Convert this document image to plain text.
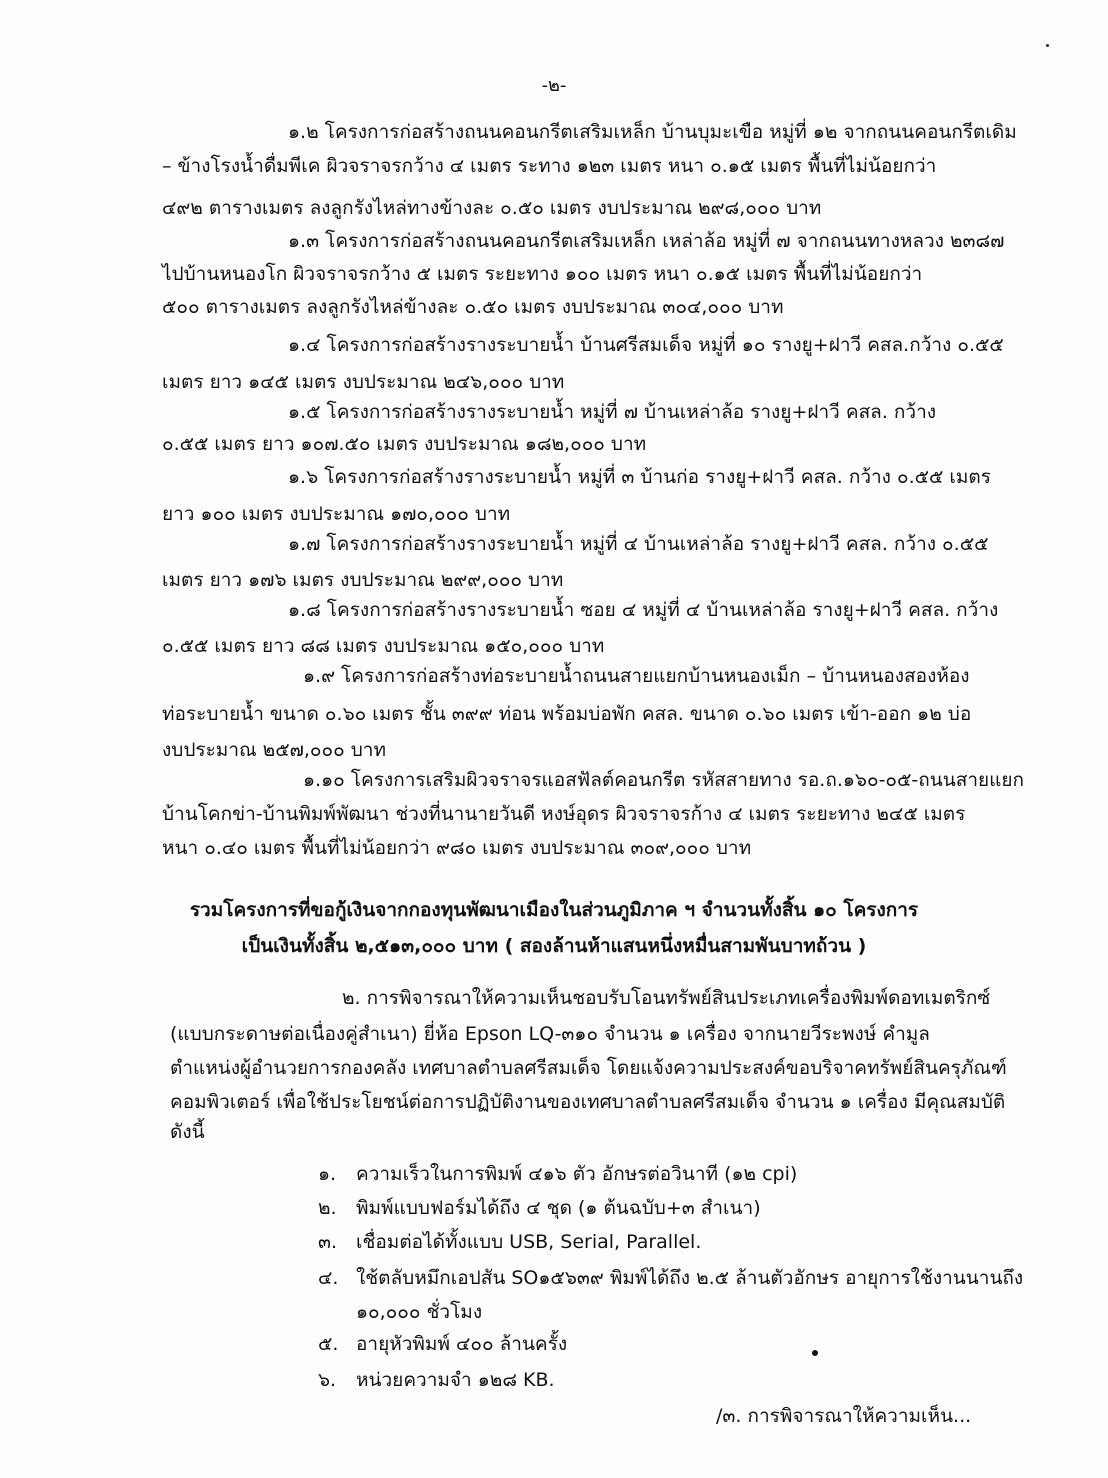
-๒-
๑.๒ โครงการก่อสร้างถนนคอนกรีตเสริมเหล็ก บ้านบุมะเขือ หมู่ที่ ๑๒ จากถนนคอนกรีตเดิม
– ข้างโรงน้ำดื่มพีเค ผิวจราจรกว้าง ๔ เมตร ระทาง ๑๒๓ เมตร หนา ๐.๑๕ เมตร พื้นที่ไม่น้อยกว่า
๔๙๒ ตารางเมตร ลงลูกรังไหล่ทางข้างละ ๐.๕๐ เมตร งบประมาณ ๒๙๘,๐๐๐ บาท
๑.๓ โครงการก่อสร้างถนนคอนกรีตเสริมเหล็ก เหล่าล้อ หมู่ที่ ๗ จากถนนทางหลวง ๒๓๘๗
ไปบ้านหนองโก ผิวจราจรกว้าง ๕ เมตร ระยะทาง ๑๐๐ เมตร หนา ๐.๑๕ เมตร พื้นที่ไม่น้อยกว่า
๕๐๐ ตารางเมตร ลงลูกรังไหล่ข้างละ ๐.๕๐ เมตร งบประมาณ ๓๐๔,๐๐๐ บาท
๑.๔ โครงการก่อสร้างรางระบายน้ำ บ้านศรีสมเด็จ หมู่ที่ ๑๐ รางยู+ฝาวี คสล.กว้าง ๐.๕๕
เมตร ยาว ๑๔๕ เมตร งบประมาณ ๒๔๖,๐๐๐ บาท
๑.๕ โครงการก่อสร้างรางระบายน้ำ หมู่ที่ ๗ บ้านเหล่าล้อ รางยู+ฝาวี คสล. กว้าง
๐.๕๕ เมตร ยาว ๑๐๗.๕๐ เมตร งบประมาณ ๑๘๒,๐๐๐ บาท
๑.๖ โครงการก่อสร้างรางระบายน้ำ หมู่ที่ ๓ บ้านก่อ รางยู+ฝาวี คสล. กว้าง ๐.๕๕ เมตร
ยาว ๑๐๐ เมตร งบประมาณ ๑๗๐,๐๐๐ บาท
๑.๗ โครงการก่อสร้างรางระบายน้ำ หมู่ที่ ๔ บ้านเหล่าล้อ รางยู+ฝาวี คสล. กว้าง ๐.๕๕
เมตร ยาว ๑๗๖ เมตร งบประมาณ ๒๙๙,๐๐๐ บาท
๑.๘ โครงการก่อสร้างรางระบายน้ำ ซอย ๔ หมู่ที่ ๔ บ้านเหล่าล้อ รางยู+ฝาวี คสล. กว้าง
๐.๕๕ เมตร ยาว ๘๘ เมตร งบประมาณ ๑๕๐,๐๐๐ บาท
๑.๙ โครงการก่อสร้างท่อระบายน้ำถนนสายแยกบ้านหนองเม็ก – บ้านหนองสองห้อง
ท่อระบายน้ำ ขนาด ๐.๖๐ เมตร ชั้น ๓๙๙ ท่อน พร้อมบ่อพัก คสล. ขนาด ๐.๖๐ เมตร เข้า-ออก ๑๒ บ่อ
งบประมาณ ๒๕๗,๐๐๐ บาท
๑.๑๐ โครงการเสริมผิวจราจรแอสฟัลต์คอนกรีต รหัสสายทาง รอ.ถ.๑๖๐-๐๕-ถนนสายแยก
บ้านโคกข่า-บ้านพิมพ์พัฒนา ช่วงที่นานายวันดี หงษ์อุดร ผิวจราจรก้าง ๔ เมตร ระยะทาง ๒๔๕ เมตร
หนา ๐.๔๐ เมตร พื้นที่ไม่น้อยกว่า ๙๘๐ เมตร งบประมาณ ๓๐๙,๐๐๐ บาท
รวมโครงการที่ขอกู้เงินจากกองทุนพัฒนาเมืองในส่วนภูมิภาค ฯ จำนวนทั้งสิ้น ๑๐ โครงการ
เป็นเงินทั้งสิ้น ๒,๕๑๓,๐๐๐ บาท ( สองล้านห้าแสนหนึ่งหมื่นสามพันบาทถ้วน )
๒. การพิจารณาให้ความเห็นชอบรับโอนทรัพย์สินประเภทเครื่องพิมพ์ดอทเมตริกซ์
(แบบกระดาษต่อเนื่องคู่สำเนา) ยี่ห้อ Epson LQ-๓๑๐ จำนวน ๑ เครื่อง จากนายวีระพงษ์ คำมูล
ตำแหน่งผู้อำนวยการกองคลัง เทศบาลตำบลศรีสมเด็จ โดยแจ้งความประสงค์ขอบริจาคทรัพย์สินครุภัณฑ์
คอมพิวเตอร์ เพื่อใช้ประโยชน์ต่อการปฏิบัติงานของเทศบาลตำบลศรีสมเด็จ จำนวน ๑ เครื่อง มีคุณสมบัติ
ดังนี้
๑. ความเร็วในการพิมพ์ ๔๑๖ ตัว อักษรต่อวินาที (๑๒ cpi)
๒. พิมพ์แบบฟอร์มได้ถึง ๔ ชุด (๑ ต้นฉบับ+๓ สำเนา)
๓. เชื่อมต่อได้ทั้งแบบ USB, Serial, Parallel.
๔. ใช้ตลับหมึกเอปสัน SO๑๕๖๓๙ พิมพ์ได้ถึง ๒.๕ ล้านตัวอักษร อายุการใช้งานนานถึง
๑๐,๐๐๐ ชั่วโมง
๕. อายุหัวพิมพ์ ๔๐๐ ล้านครั้ง
๖. หน่วยความจำ ๑๒๘ KB.
/๓. การพิจารณาให้ความเห็น...
